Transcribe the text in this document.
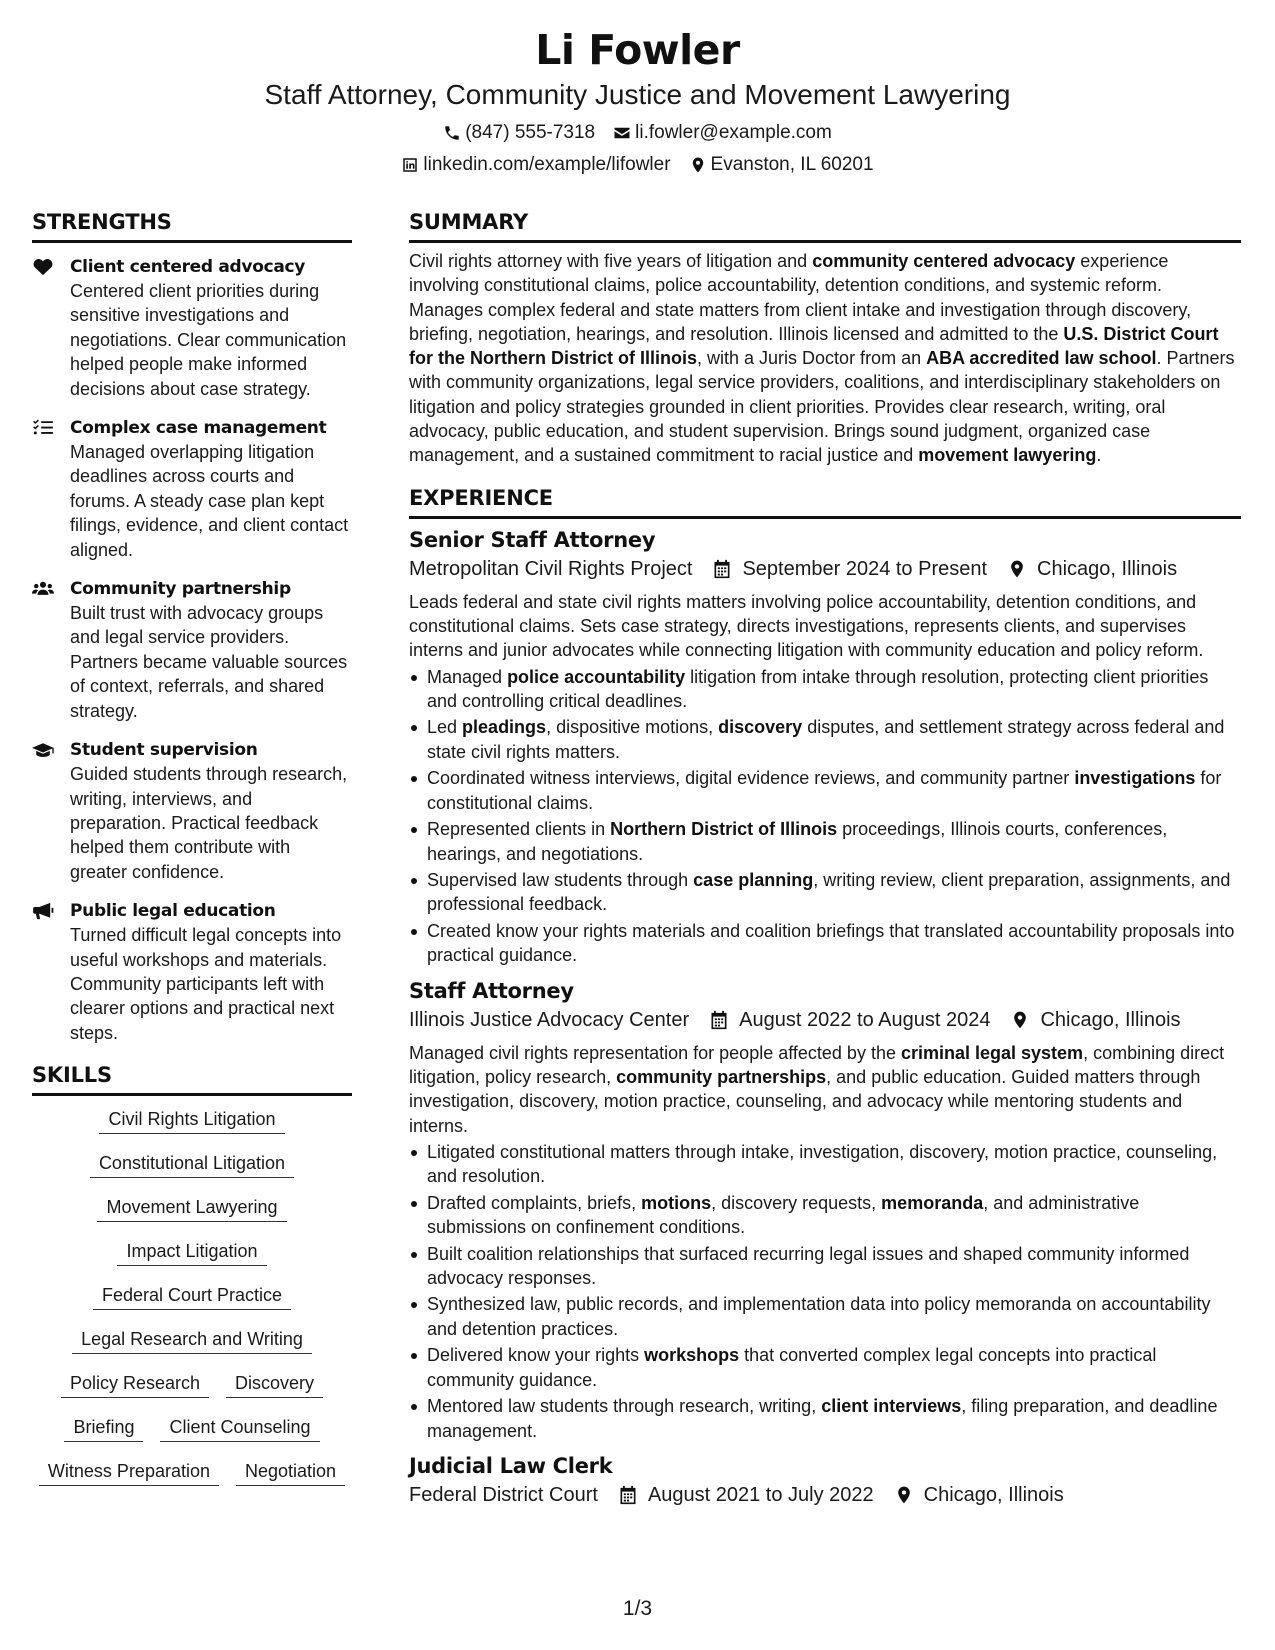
Li Fowler
Staff Attorney, Community Justice and Movement Lawyering
(847) 555-7318 li.fowler@example.com
linkedin.com/example/lifowler Evanston, IL 60201
STRENGTHS
Client centered advocacy
Centered client priorities during sensitive investigations and negotiations. Clear communication helped people make informed decisions about case strategy.
Complex case management
Managed overlapping litigation deadlines across courts and forums. A steady case plan kept filings, evidence, and client contact aligned.
Community partnership
Built trust with advocacy groups and legal service providers. Partners became valuable sources of context, referrals, and shared strategy.
Student supervision
Guided students through research, writing, interviews, and preparation. Practical feedback helped them contribute with greater confidence.
Public legal education
Turned difficult legal concepts into useful workshops and materials. Community participants left with clearer options and practical next steps.
SKILLS
Civil Rights Litigation
Constitutional Litigation
Movement Lawyering
Impact Litigation
Federal Court Practice
Legal Research and Writing
Policy Research	Discovery
Briefing	Client Counseling
Witness Preparation	Negotiation
SUMMARY

Civil rights attorney with five years of litigation and community centered advocacy experience involving constitutional claims, police accountability, detention conditions, and systemic reform. Manages complex federal and state matters from client intake and investigation through discovery, briefing, negotiation, hearings, and resolution. Illinois licensed and admitted to the U.S. District Court for the Northern District of Illinois, with a Juris Doctor from an ABA accredited law school. Partners with community organizations, legal service providers, coalitions, and interdisciplinary stakeholders on litigation and policy strategies grounded in client priorities. Provides clear research, writing, oral advocacy, public education, and student supervision. Brings sound judgment, organized case management, and a sustained commitment to racial justice and movement lawyering.

EXPERIENCE
Senior Staff Attorney
Metropolitan Civil Rights Project	September 2024 to Present	Chicago, Illinois

Leads federal and state civil rights matters involving police accountability, detention conditions, and constitutional claims. Sets case strategy, directs investigations, represents clients, and supervises interns and junior advocates while connecting litigation with community education and policy reform.

Managed police accountability litigation from intake through resolution, protecting client priorities and controlling critical deadlines.
Led pleadings, dispositive motions, discovery disputes, and settlement strategy across federal and state civil rights matters.
Coordinated witness interviews, digital evidence reviews, and community partner investigations for constitutional claims.
Represented clients in Northern District of Illinois proceedings, Illinois courts, conferences, hearings, and negotiations.
Supervised law students through case planning, writing review, client preparation, assignments, and professional feedback.
Created know your rights materials and coalition briefings that translated accountability proposals into practical guidance.
Staff Attorney
Illinois Justice Advocacy Center	August 2022 to August 2024	Chicago, Illinois

Managed civil rights representation for people affected by the criminal legal system, combining direct litigation, policy research, community partnerships, and public education. Guided matters through investigation, discovery, motion practice, counseling, and advocacy while mentoring students and interns.

Litigated constitutional matters through intake, investigation, discovery, motion practice, counseling, and resolution.
Drafted complaints, briefs, motions, discovery requests, memoranda, and administrative submissions on confinement conditions.
Built coalition relationships that surfaced recurring legal issues and shaped community informed advocacy responses.
Synthesized law, public records, and implementation data into policy memoranda on accountability and detention practices.
Delivered know your rights workshops that converted complex legal concepts into practical community guidance.
Mentored law students through research, writing, client interviews, filing preparation, and deadline management.
Judicial Law Clerk
Federal District Court	August 2021 to July 2022	Chicago, Illinois
1/3
